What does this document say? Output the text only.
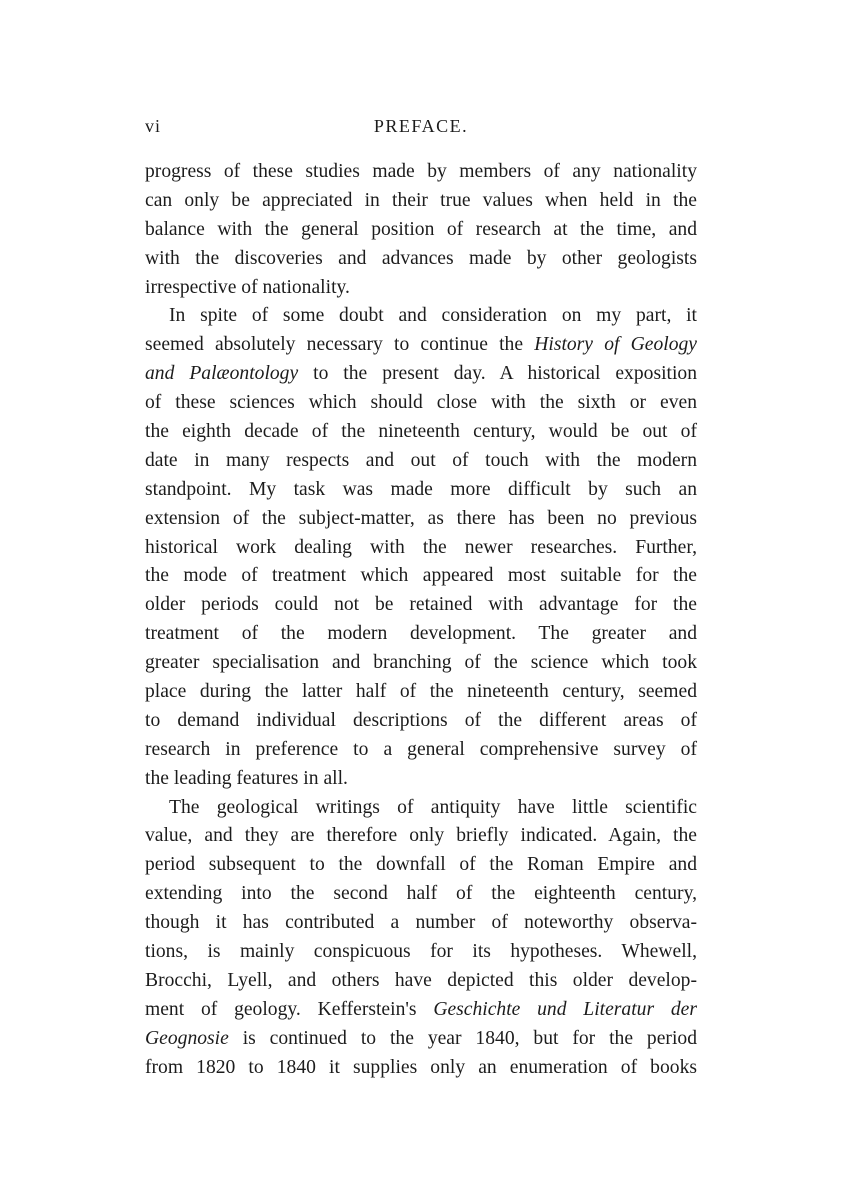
vi	PREFACE.
progress of these studies made by members of any nationality
can only be appreciated in their true values when held in the
balance with the general position of research at the time, and
with the discoveries and advances made by other geologists
irrespective of nationality.
In spite of some doubt and consideration on my part, it
seemed absolutely necessary to continue the History of Geology
and Palæontology to the present day. A historical exposition
of these sciences which should close with the sixth or even
the eighth decade of the nineteenth century, would be out of
date in many respects and out of touch with the modern
standpoint. My task was made more difficult by such an
extension of the subject-matter, as there has been no previous
historical work dealing with the newer researches. Further,
the mode of treatment which appeared most suitable for the
older periods could not be retained with advantage for the
treatment of the modern development. The greater and
greater specialisation and branching of the science which took
place during the latter half of the nineteenth century, seemed
to demand individual descriptions of the different areas of
research in preference to a general comprehensive survey of
the leading features in all.
The geological writings of antiquity have little scientific
value, and they are therefore only briefly indicated. Again, the
period subsequent to the downfall of the Roman Empire and
extending into the second half of the eighteenth century,
though it has contributed a number of noteworthy observa-
tions, is mainly conspicuous for its hypotheses. Whewell,
Brocchi, Lyell, and others have depicted this older develop-
ment of geology. Kefferstein's Geschichte und Literatur der
Geognosie is continued to the year 1840, but for the period
from 1820 to 1840 it supplies only an enumeration of books
